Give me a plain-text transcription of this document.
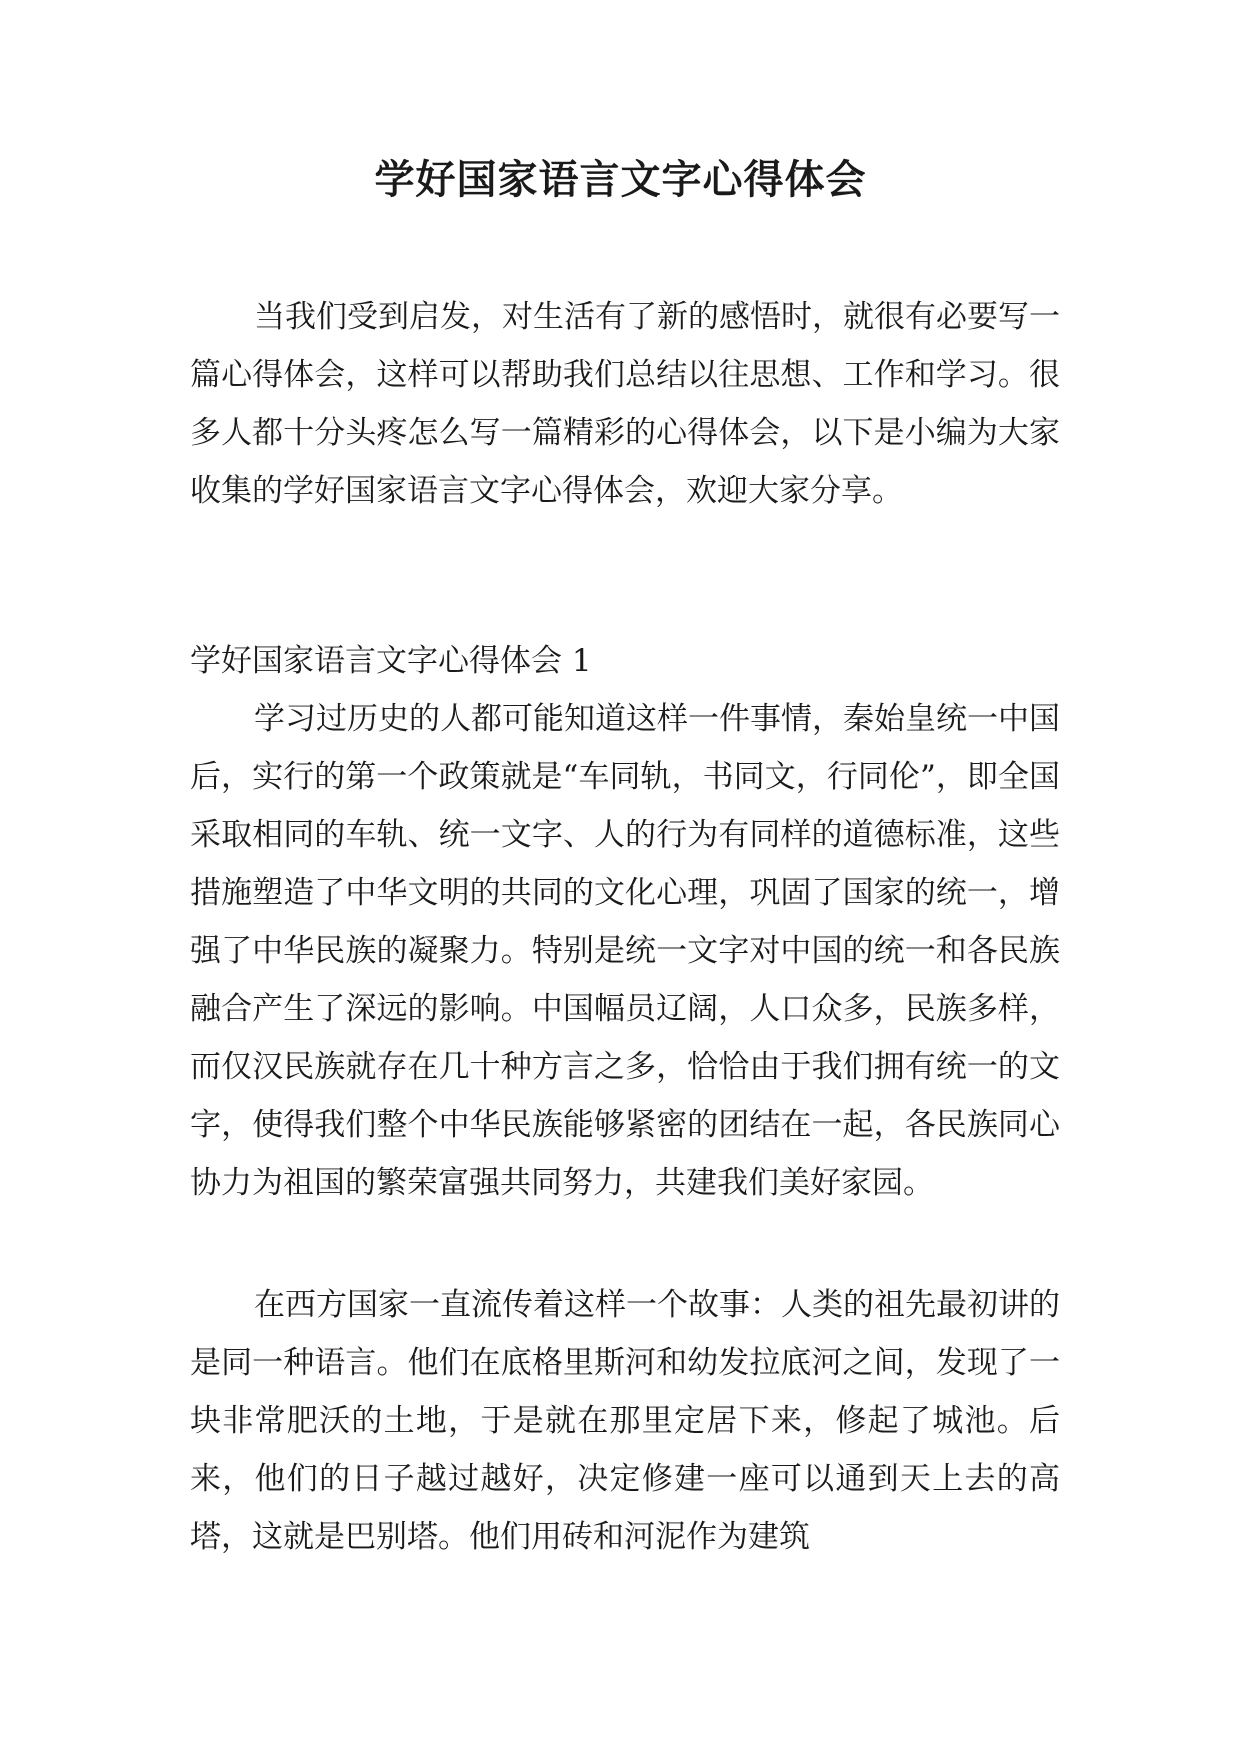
学好国家语言文字心得体会

当我们受到启发，对生活有了新的感悟时，就很有必要写一篇心得体会，这样可以帮助我们总结以往思想、工作和学习。很多人都十分头疼怎么写一篇精彩的心得体会，以下是小编为大家收集的学好国家语言文字心得体会，欢迎大家分享。

学好国家语言文字心得体会 1

学习过历史的人都可能知道这样一件事情，秦始皇统一中国后，实行的第一个政策就是“车同轨，书同文，行同伦”，即全国采取相同的车轨、统一文字、人的行为有同样的道德标准，这些措施塑造了中华文明的共同的文化心理，巩固了国家的统一，增强了中华民族的凝聚力。特别是统一文字对中国的统一和各民族融合产生了深远的影响。中国幅员辽阔，人口众多，民族多样，而仅汉民族就存在几十种方言之多，恰恰由于我们拥有统一的文字，使得我们整个中华民族能够紧密的团结在一起，各民族同心协力为祖国的繁荣富强共同努力，共建我们美好家园。

在西方国家一直流传着这样一个故事：人类的祖先最初讲的是同一种语言。他们在底格里斯河和幼发拉底河之间，发现了一块非常肥沃的土地，于是就在那里定居下来，修起了城池。后来，他们的日子越过越好，决定修建一座可以通到天上去的高塔，这就是巴别塔。他们用砖和河泥作为建筑
